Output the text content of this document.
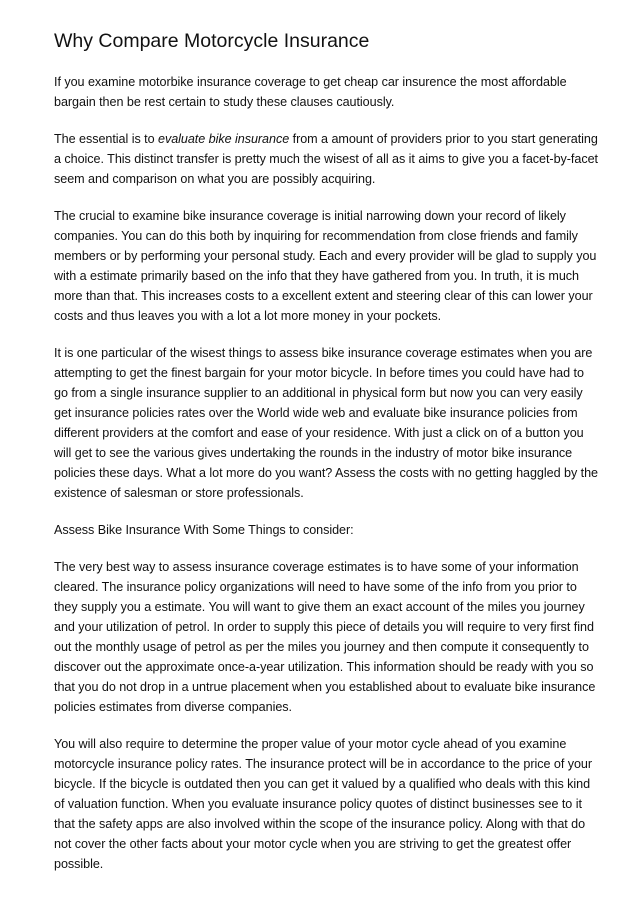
Why Compare Motorcycle Insurance

If you examine motorbike insurance coverage to get cheap car insurence the most affordable bargain then be rest certain to study these clauses cautiously.

The essential is to evaluate bike insurance from a amount of providers prior to you start generating a choice. This distinct transfer is pretty much the wisest of all as it aims to give you a facet-by-facet seem and comparison on what you are possibly acquiring.

The crucial to examine bike insurance coverage is initial narrowing down your record of likely companies. You can do this both by inquiring for recommendation from close friends and family members or by performing your personal study. Each and every provider will be glad to supply you with a estimate primarily based on the info that they have gathered from you. In truth, it is much more than that. This increases costs to a excellent extent and steering clear of this can lower your costs and thus leaves you with a lot a lot more money in your pockets.

It is one particular of the wisest things to assess bike insurance coverage estimates when you are attempting to get the finest bargain for your motor bicycle. In before times you could have had to go from a single insurance supplier to an additional in physical form but now you can very easily get insurance policies rates over the World wide web and evaluate bike insurance policies from different providers at the comfort and ease of your residence. With just a click on of a button you will get to see the various gives undertaking the rounds in the industry of motor bike insurance policies these days. What a lot more do you want? Assess the costs with no getting haggled by the existence of salesman or store professionals.

Assess Bike Insurance With Some Things to consider:

The very best way to assess insurance coverage estimates is to have some of your information cleared. The insurance policy organizations will need to have some of the info from you prior to they supply you a estimate. You will want to give them an exact account of the miles you journey and your utilization of petrol. In order to supply this piece of details you will require to very first find out the monthly usage of petrol as per the miles you journey and then compute it consequently to discover out the approximate once-a-year utilization. This information should be ready with you so that you do not drop in a untrue placement when you established about to evaluate bike insurance policies estimates from diverse companies.

You will also require to determine the proper value of your motor cycle ahead of you examine motorcycle insurance policy rates. The insurance protect will be in accordance to the price of your bicycle. If the bicycle is outdated then you can get it valued by a qualified who deals with this kind of valuation function. When you evaluate insurance policy quotes of distinct businesses see to it that the safety apps are also involved within the scope of the insurance policy. Along with that do not cover the other facts about your motor cycle when you are striving to get the greatest offer possible.
